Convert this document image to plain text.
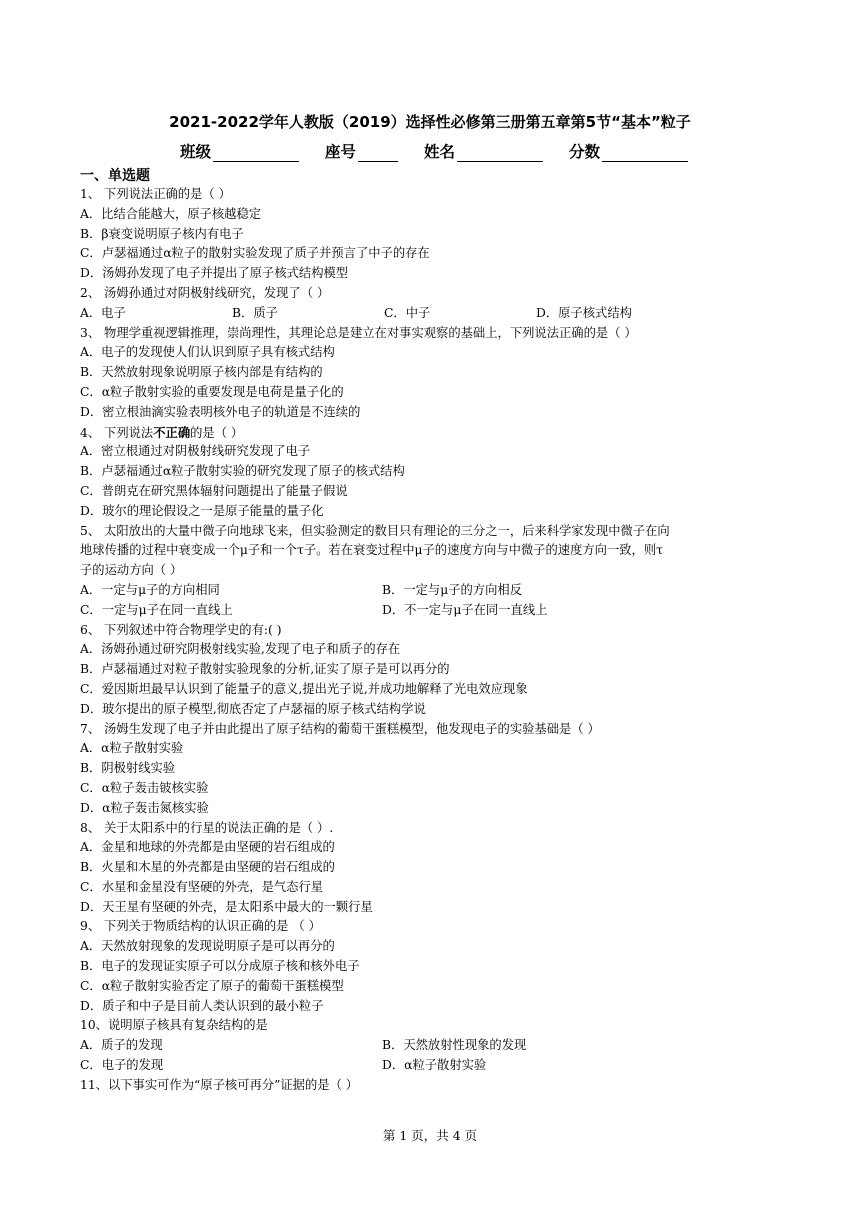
2021-2022学年人教版（2019）选择性必修第三册第五章第5节“基本”粒子
班级	座号	姓名	分数
一、单选题
1、 下列说法正确的是（ ）
A．比结合能越大，原子核越稳定
B．β衰变说明原子核内有电子
C．卢瑟福通过α粒子的散射实验发现了质子并预言了中子的存在
D．汤姆孙发现了电子并提出了原子核式结构模型
2、 汤姆孙通过对阴极射线研究，发现了（ ）
A．电子	B．质子	C．中子	D．原子核式结构
3、 物理学重视逻辑推理，崇尚理性，其理论总是建立在对事实观察的基础上，下列说法正确的是（ ）
A．电子的发现使人们认识到原子具有核式结构
B．天然放射现象说明原子核内部是有结构的
C．α粒子散射实验的重要发现是电荷是量子化的
D．密立根油滴实验表明核外电子的轨道是不连续的
4、 下列说法不正确的是（ ）
A．密立根通过对阴极射线研究发现了电子
B．卢瑟福通过α粒子散射实验的研究发现了原子的核式结构
C．普朗克在研究黑体辐射问题提出了能量子假说
D．玻尔的理论假设之一是原子能量的量子化
5、 太阳放出的大量中微子向地球飞来，但实验测定的数目只有理论的三分之一，后来科学家发现中微子在向
地球传播的过程中衰变成一个μ子和一个τ子。若在衰变过程中μ子的速度方向与中微子的速度方向一致，则τ
子的运动方向（ ）
A．一定与μ子的方向相同	B．一定与μ子的方向相反
C．一定与μ子在同一直线上	D．不一定与μ子在同一直线上
6、 下列叙述中符合物理学史的有:( )
A．汤姆孙通过研究阴极射线实验,发现了电子和质子的存在
B．卢瑟福通过对粒子散射实验现象的分析,证实了原子是可以再分的
C．爱因斯坦最早认识到了能量子的意义,提出光子说,并成功地解释了光电效应现象
D．玻尔提出的原子模型,彻底否定了卢瑟福的原子核式结构学说
7、 汤姆生发现了电子并由此提出了原子结构的葡萄干蛋糕模型，他发现电子的实验基础是（ ）
A．α粒子散射实验
B．阴极射线实验
C．α粒子轰击铍核实验
D．α粒子轰击氮核实验
8、 关于太阳系中的行星的说法正确的是（ ）.
A．金星和地球的外壳都是由坚硬的岩石组成的
B．火星和木星的外壳都是由坚硬的岩石组成的
C．水星和金星没有坚硬的外壳，是气态行星
D．天王星有坚硬的外壳，是太阳系中最大的一颗行星
9、 下列关于物质结构的认识正确的是 （ ）
A．天然放射现象的发现说明原子是可以再分的
B．电子的发现证实原子可以分成原子核和核外电子
C．α粒子散射实验否定了原子的葡萄干蛋糕模型
D．质子和中子是目前人类认识到的最小粒子
10、说明原子核具有复杂结构的是
A．质子的发现	B．天然放射性现象的发现
C．电子的发现	D．α粒子散射实验
11、以下事实可作为“原子核可再分”证据的是（ ）
第 1 页，共 4 页
